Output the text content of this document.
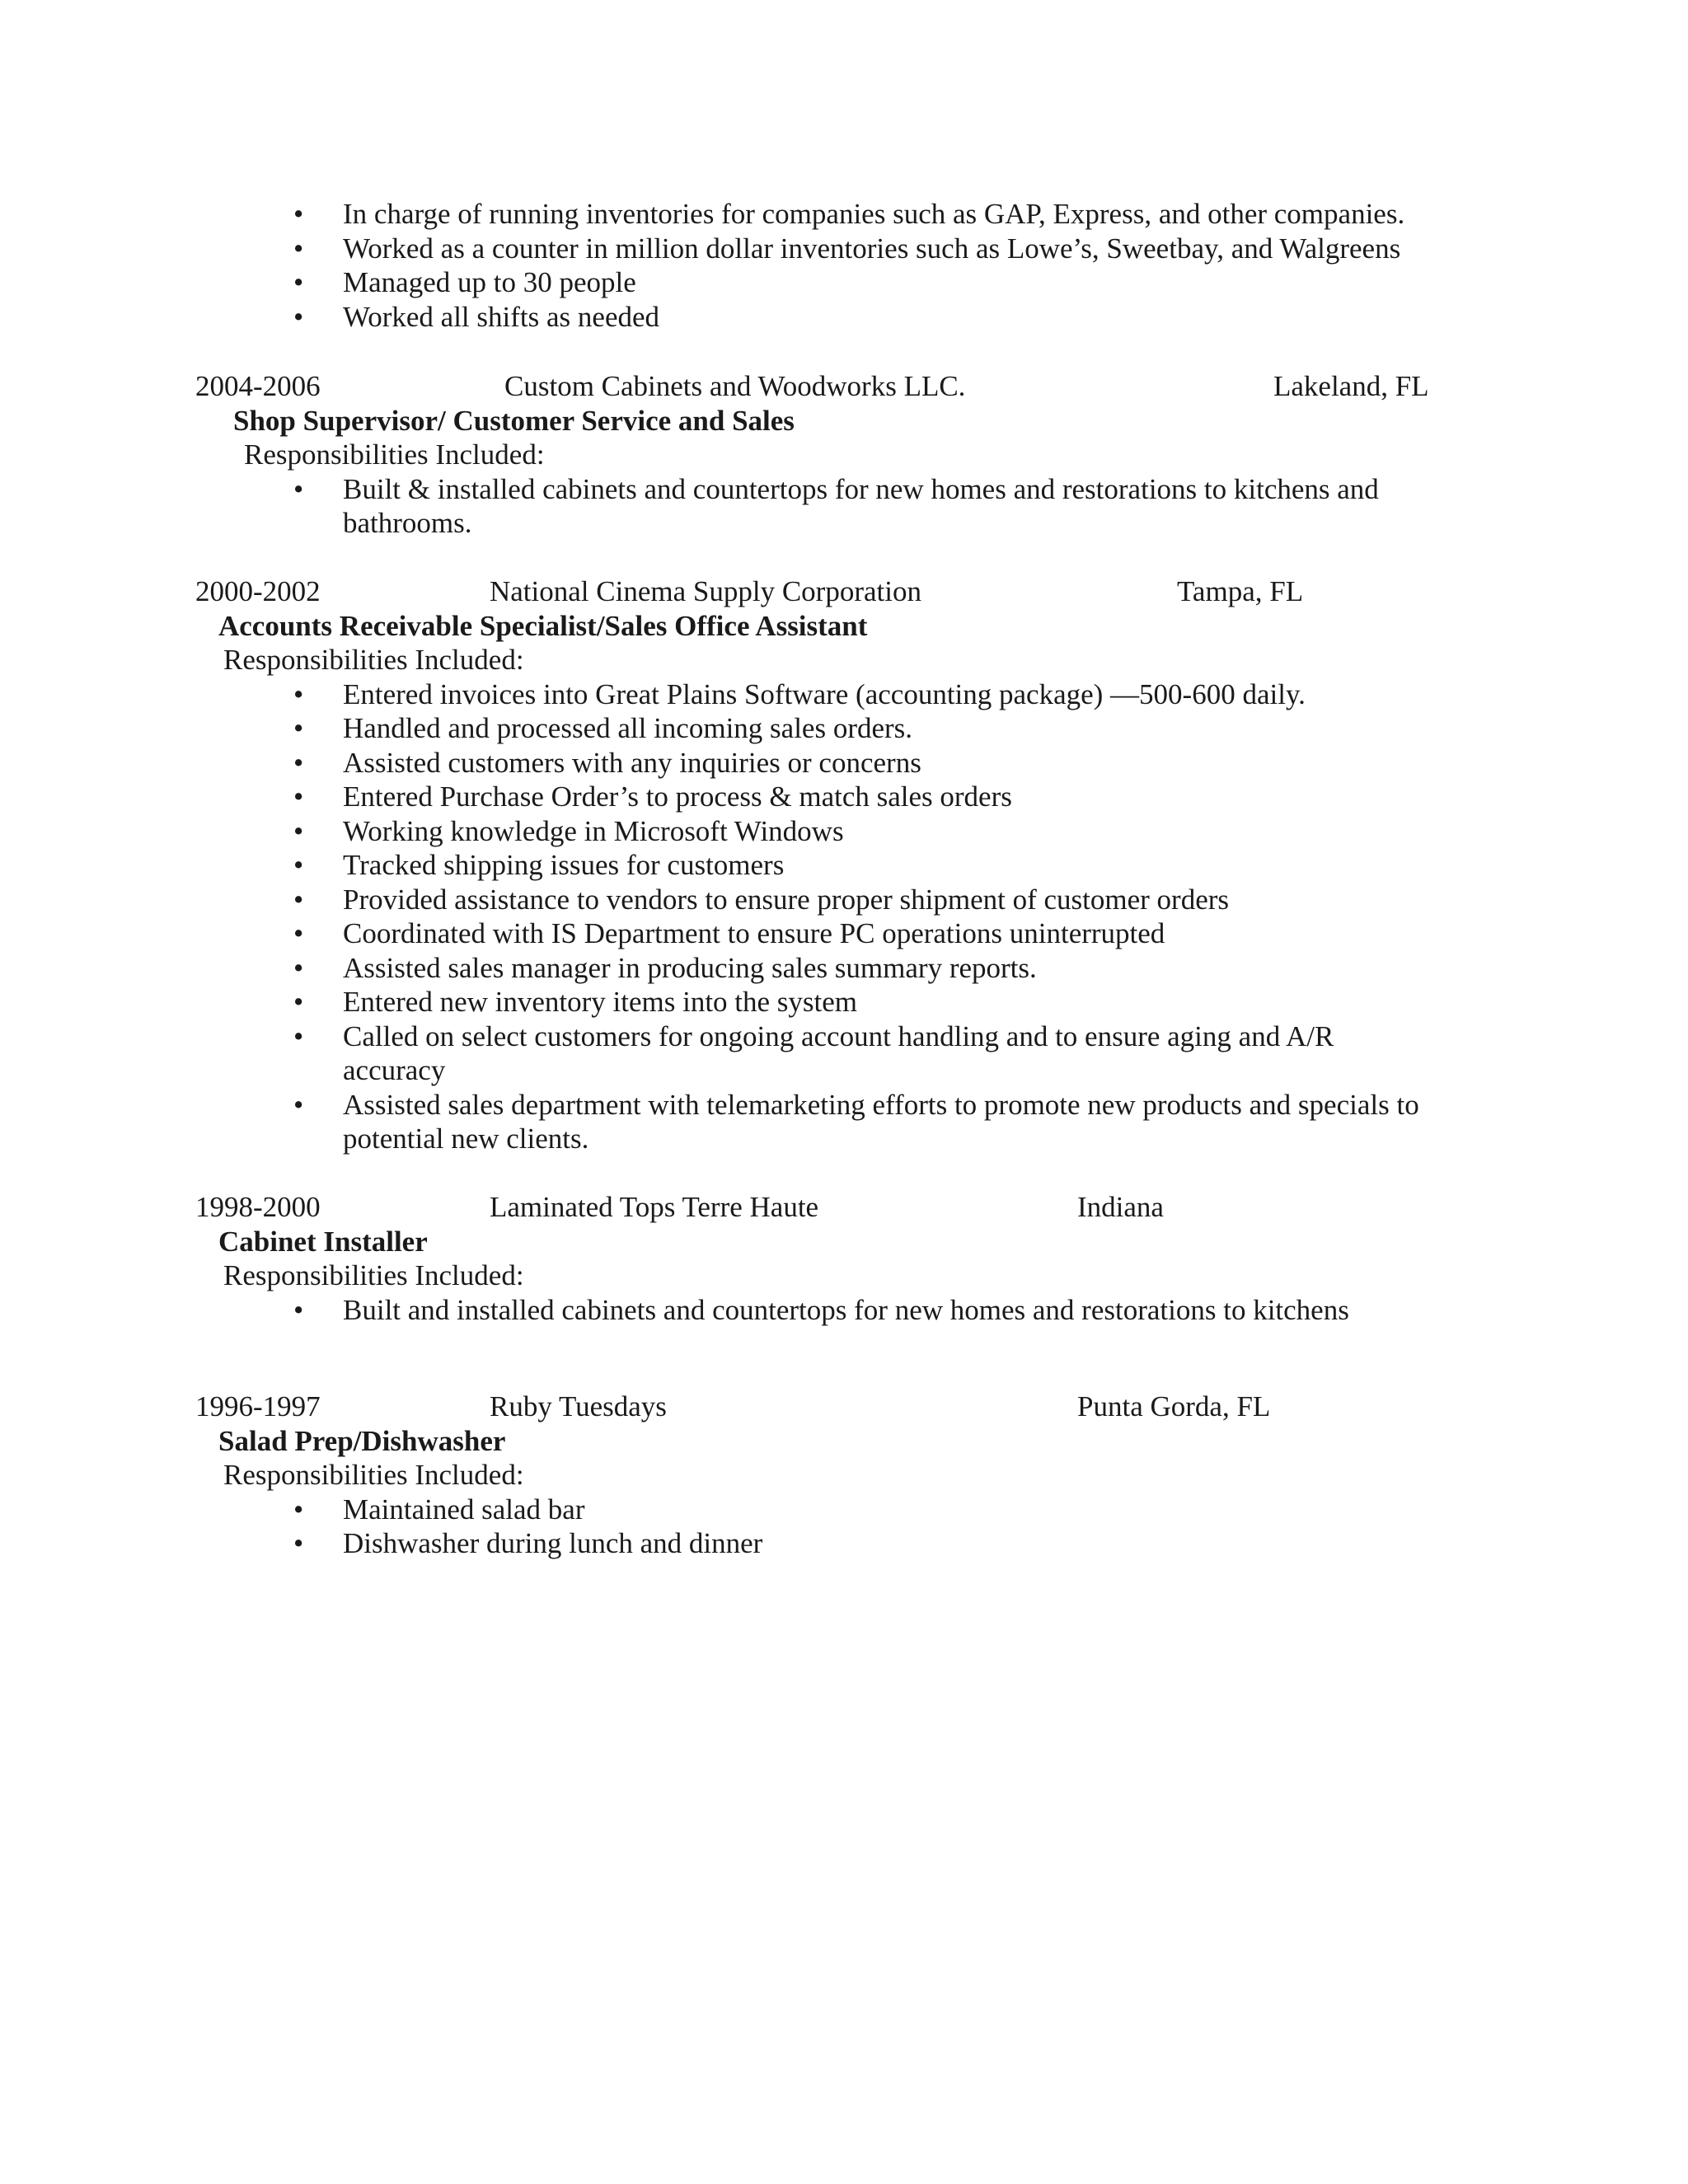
• In charge of running inventories for companies such as GAP, Express, and other companies.
• Worked as a counter in million dollar inventories such as Lowe’s, Sweetbay, and Walgreens
• Managed up to 30 people
• Worked all shifts as needed
2004-2006	Custom Cabinets and Woodworks LLC.	Lakeland, FL
Shop Supervisor/ Customer Service and Sales
Responsibilities Included:
• Built & installed cabinets and countertops for new homes and restorations to kitchens and
bathrooms.
2000-2002	National Cinema Supply Corporation	Tampa, FL
Accounts Receivable Specialist/Sales Office Assistant
Responsibilities Included:
• Entered invoices into Great Plains Software (accounting package) —500-600 daily.
• Handled and processed all incoming sales orders.
• Assisted customers with any inquiries or concerns
• Entered Purchase Order’s to process & match sales orders
• Working knowledge in Microsoft Windows
• Tracked shipping issues for customers
• Provided assistance to vendors to ensure proper shipment of customer orders
• Coordinated with IS Department to ensure PC operations uninterrupted
• Assisted sales manager in producing sales summary reports.
• Entered new inventory items into the system
• Called on select customers for ongoing account handling and to ensure aging and A/R
accuracy
• Assisted sales department with telemarketing efforts to promote new products and specials to
potential new clients.
1998-2000	Laminated Tops Terre Haute	Indiana
Cabinet Installer
Responsibilities Included:
• Built and installed cabinets and countertops for new homes and restorations to kitchens
1996-1997	Ruby Tuesdays	Punta Gorda, FL
Salad Prep/Dishwasher
Responsibilities Included:
• Maintained salad bar
• Dishwasher during lunch and dinner
